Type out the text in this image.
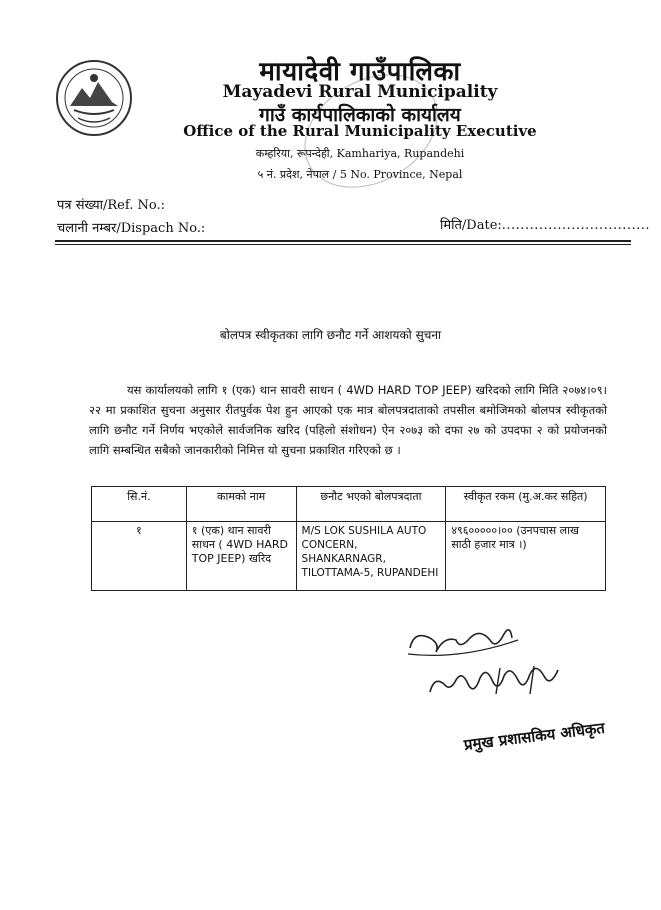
मायादेवी गाउँपालिका
Mayadevi Rural Municipality
गाउँ कार्यपालिकाको कार्यालय
Office of the Rural Municipality Executive
कम्हरिया, रूपन्देही, Kamhariya, Rupandehi
५ नं. प्रदेश, नेपाल / 5 No. Province, Nepal
पत्र संख्या/Ref. No.:
चलानी नम्बर/Dispach No.:	मिति/Date:................................
बोलपत्र स्वीकृतका लागि छनौट गर्ने आशयको सुचना
यस कार्यालयको लागि १ (एक) थान सावरी साधन ( 4WD HARD TOP JEEP) खरिदको लागि मिति २०७४।०९।२२ मा प्रकाशित सुचना अनुसार रीतपुर्वक पेश हुन आएको एक मात्र बोलपत्रदाताको तपसील बमोजिमको बोलपत्र स्वीकृतको लागि छनौट गर्ने निर्णय भएकोले सार्वजनिक खरिद (पहिलो संशोधन) ऐन २०७३ को दफा २७ को उपदफा २ को प्रयोजनको लागि सम्बन्धित सबैको जानकारीको निमित्त यो सुचना प्रकाशित गरिएको छ ।
सि.नं.	कामको नाम	छनौट भएको बोलपत्रदाता	स्वीकृत रकम (मु.अ.कर सहित)
१	१ (एक) थान सावरी साधन ( 4WD HARD TOP JEEP) खरिद	M/S LOK SUSHILA AUTO CONCERN, SHANKARNAGR, TILOTTAMA-5, RUPANDEHI	४९६०००००।०० (उनपचास लाख साठी हजार मात्र ।)
प्रमुख प्रशासकिय अधिकृत
